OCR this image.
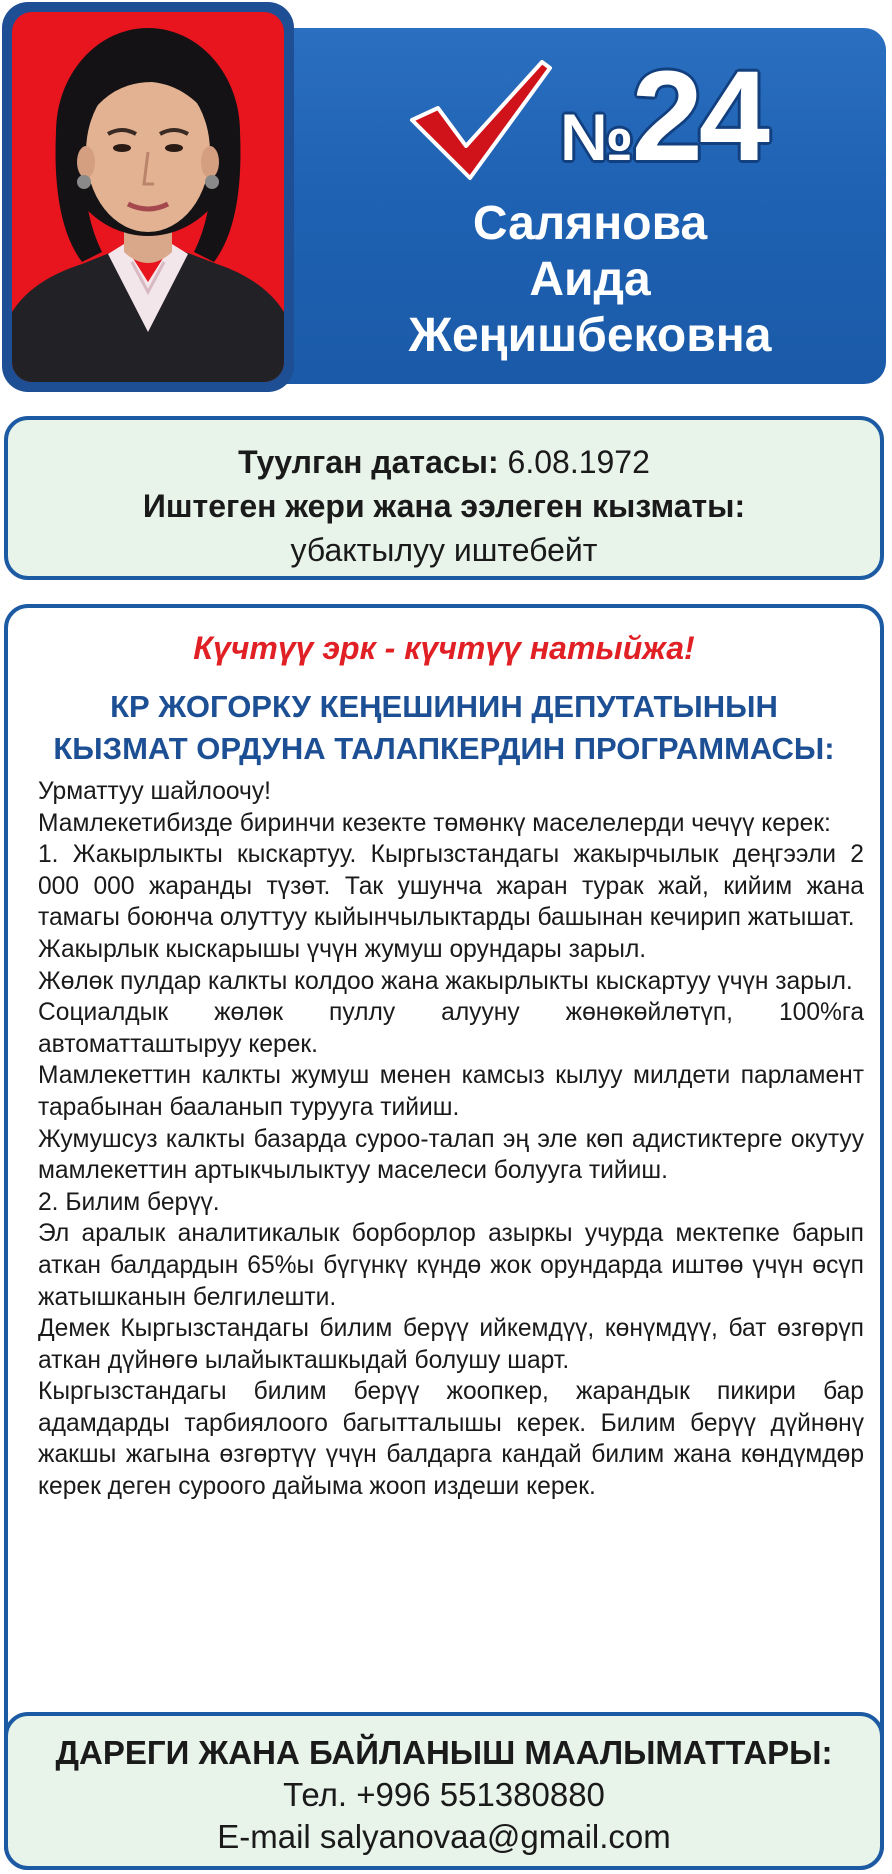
№24
Салянова
Аида
Жеңишбековна
Туулган датасы: 6.08.1972
Иштеген жери жана ээлеген кызматы:
убактылуу иштебейт
Күчтүү эрк - күчтүү натыйжа!
КР ЖОГОРКУ КЕҢЕШИНИН ДЕПУТАТЫНЫН
КЫЗМАТ ОРДУНА ТАЛАПКЕРДИН ПРОГРАММАСЫ:

Урматтуу шайлоочу!

Мамлекетибизде биринчи кезекте төмөнкү маселелерди чечүү керек:

1. Жакырлыкты кыскартуу. Кыргызстандагы жакырчылык деңгээли 2 000 000 жаранды түзөт. Так ушунча жаран турак жай, кийим жана тамагы боюнча олуттуу кыйынчылыктарды башынан кечирип жатышат.

Жакырлык кыскарышы үчүн жумуш орундары зарыл.

Жөлөк пулдар калкты колдоо жана жакырлыкты кыскартуу үчүн зарыл.

Социалдык жөлөк пуллу алууну жөнөкөйлөтүп, 100%га автоматташтыруу керек.

Мамлекеттин калкты жумуш менен камсыз кылуу милдети парламент тарабынан бааланып турууга тийиш.

Жумушсуз калкты базарда суроо-талап эң эле көп адистиктерге окутуу мамлекеттин артыкчылыктуу маселеси болууга тийиш.

2. Билим берүү.

Эл аралык аналитикалык борборлор азыркы учурда мектепке барып аткан балдардын 65%ы бүгүнкү күндө жок орундарда иштөө үчүн өсүп жатышканын белгилешти.

Демек Кыргызстандагы билим берүү ийкемдүү, көнүмдүү, бат өзгөрүп аткан дүйнөгө ылайыкташкыдай болушу шарт.

Кыргызстандагы билим берүү жоопкер, жарандык пикири бар адамдарды тарбиялоого багытталышы керек. Билим берүү дүйнөнү жакшы жагына өзгөртүү үчүн балдарга кандай билим жана көндүмдөр керек деген суроого дайыма жооп издеши керек.

ДАРЕГИ ЖАНА БАЙЛАНЫШ МААЛЫМАТТАРЫ:
Тел. +996 551380880
E-mail salyanovaa@gmail.com
